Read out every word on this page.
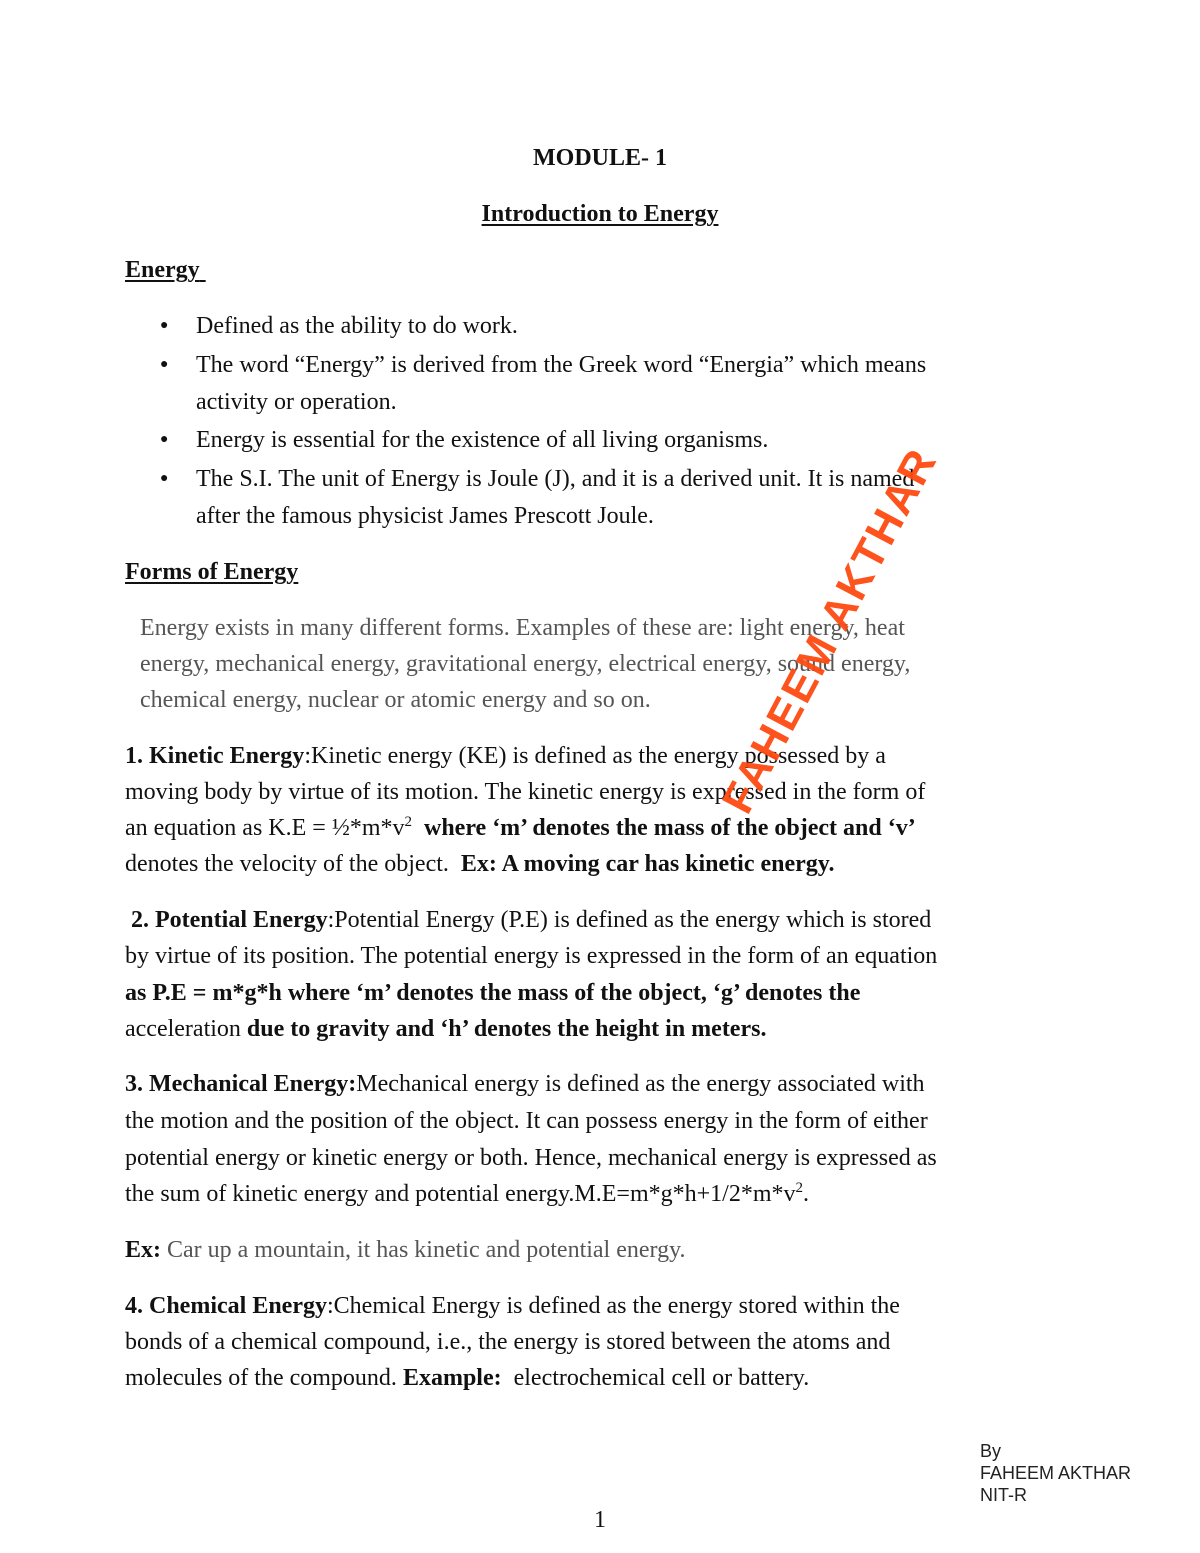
MODULE- 1
Introduction to Energy
Energy
● Defined as the ability to do work.
● The word “Energy” is derived from the Greek word “Energia” which means
activity or operation.
● Energy is essential for the existence of all living organisms.
● The S.I. The unit of Energy is Joule (J), and it is a derived unit. It is named
after the famous physicist James Prescott Joule.
Forms of Energy
Energy exists in many different forms. Examples of these are: light energy, heat
energy, mechanical energy, gravitational energy, electrical energy, sound energy,
chemical energy, nuclear or atomic energy and so on.
1. Kinetic Energy:Kinetic energy (KE) is defined as the energy possessed by a
moving body by virtue of its motion. The kinetic energy is expressed in the form of
an equation as $K.E = \frac{1}{2}*m*v^2$ where ‘m’ denotes the mass of the object and ‘v’
denotes the velocity of the object. Ex: A moving car has kinetic energy.
2. Potential Energy:Potential Energy (P.E) is defined as the energy which is stored
by virtue of its position. The potential energy is expressed in the form of an equation
as P.E = m*g*h where ‘m’ denotes the mass of the object, ‘g’ denotes the
acceleration due to gravity and ‘h’ denotes the height in meters.
3. Mechanical Energy:Mechanical energy is defined as the energy associated with
the motion and the position of the object. It can possess energy in the form of either
potential energy or kinetic energy or both. Hence, mechanical energy is expressed as
the sum of kinetic energy and potential $energy.M.E=m*g*h+1/2*m*v^2$.
Ex: Car up a mountain, it has kinetic and potential energy.
4. Chemical Energy:Chemical Energy is defined as the energy stored within the
bonds of a chemical compound, i.e., the energy is stored between the atoms and
molecules of the compound. Example: electrochemical cell or battery.
FAHEEM AKTHAR
By
FAHEEM AKTHAR
NIT-R
1
